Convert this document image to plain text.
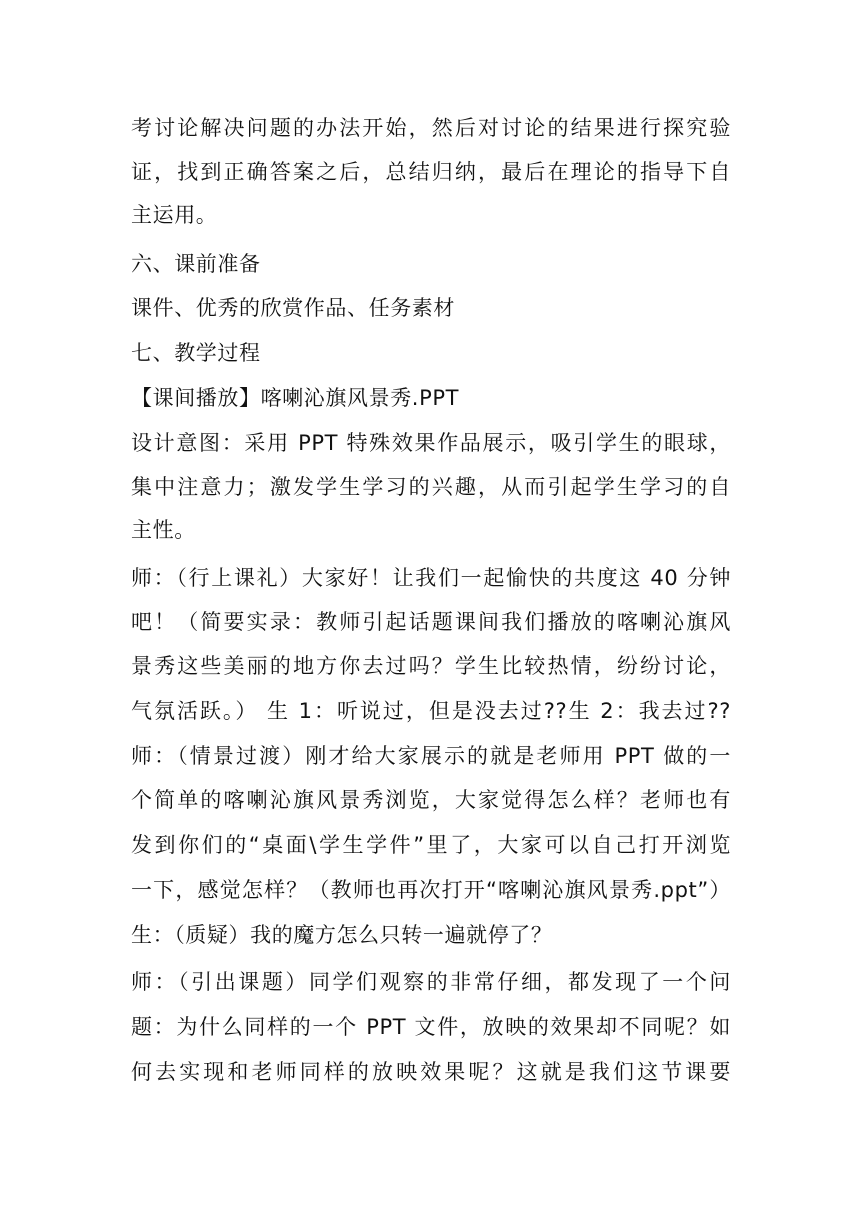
考讨论解决问题的办法开始，然后对讨论的结果进行探究验
证，找到正确答案之后，总结归纳，最后在理论的指导下自
主运用。
六、课前准备
课件、优秀的欣赏作品、任务素材
七、教学过程
【课间播放】喀喇沁旗风景秀.PPT
设计意图：采用 PPT 特殊效果作品展示，吸引学生的眼球，
集中注意力；激发学生学习的兴趣，从而引起学生学习的自
主性。
师：（行上课礼）大家好！让我们一起愉快的共度这 40 分钟
吧！（简要实录：教师引起话题课间我们播放的喀喇沁旗风
景秀这些美丽的地方你去过吗？学生比较热情，纷纷讨论，
气氛活跃。） 生 1：听说过，但是没去过??生 2：我去过??
师：（情景过渡）刚才给大家展示的就是老师用 PPT 做的一
个简单的喀喇沁旗风景秀浏览，大家觉得怎么样？老师也有
发到你们的“桌面\学生学件”里了，大家可以自己打开浏览
一下，感觉怎样？（教师也再次打开“喀喇沁旗风景秀.ppt”）
生：（质疑）我的魔方怎么只转一遍就停了？
师：（引出课题）同学们观察的非常仔细，都发现了一个问
题：为什么同样的一个 PPT 文件，放映的效果却不同呢？如
何去实现和老师同样的放映效果呢？这就是我们这节课要
